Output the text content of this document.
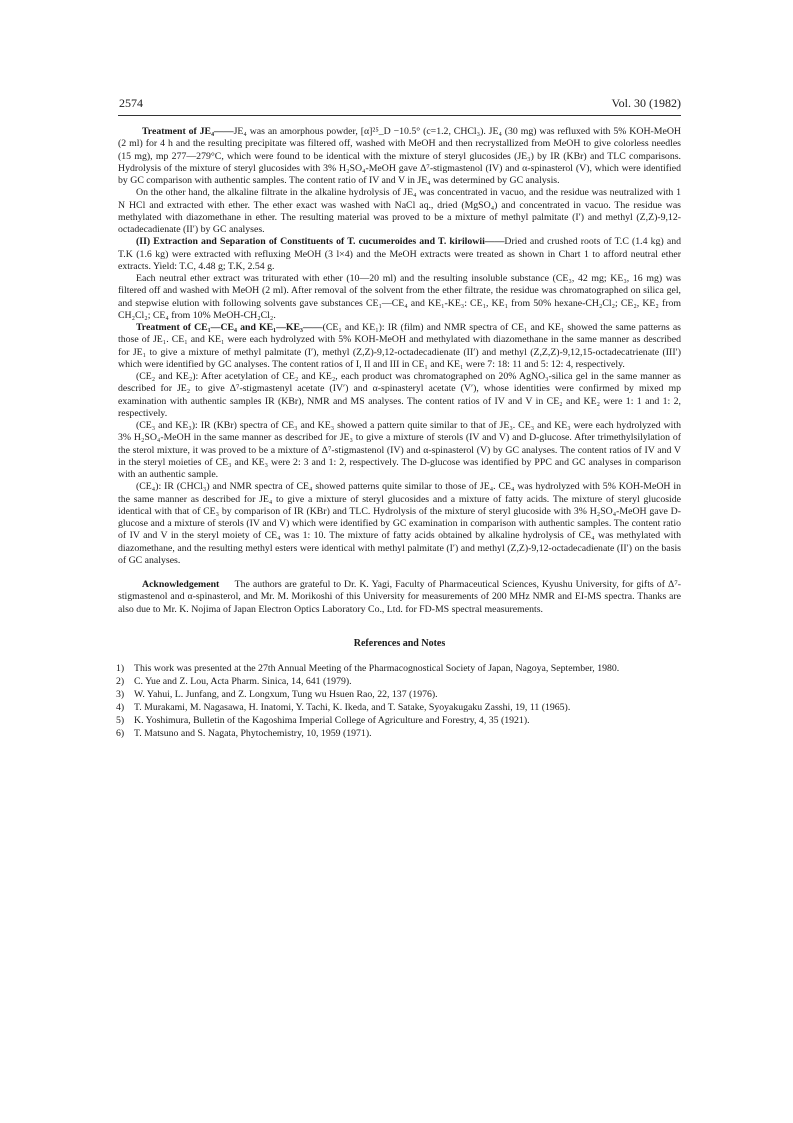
2574	Vol. 30 (1982)

Treatment of JE₄——JE₄ was an amorphous powder, [α]²⁵_D −10.5° (c=1.2, CHCl₃). JE₄ (30 mg) was refluxed with 5% KOH-MeOH (2 ml) for 4 h and the resulting precipitate was filtered off, washed with MeOH and then recrystallized from MeOH to give colorless needles (15 mg), mp 277—279°C, which were found to be identical with the mixture of steryl glucosides (JE₃) by IR (KBr) and TLC comparisons. Hydrolysis of the mixture of steryl glucosides with 3% H₂SO₄-MeOH gave Δ⁷-stigmastenol (IV) and α-spinasterol (V), which were identified by GC comparison with authentic samples. The content ratio of IV and V in JE₄ was determined by GC analysis.

On the other hand, the alkaline filtrate in the alkaline hydrolysis of JE₄ was concentrated in vacuo, and the residue was neutralized with 1 N HCl and extracted with ether. The ether exact was washed with NaCl aq., dried (MgSO₄) and concentrated in vacuo. The residue was methylated with diazomethane in ether. The resulting material was proved to be a mixture of methyl palmitate (I′) and methyl (Z,Z)-9,12-octadecadienate (II′) by GC analyses.

(II) Extraction and Separation of Constituents of T. cucumeroides and T. kirilowii——Dried and crushed roots of T.C (1.4 kg) and T.K (1.6 kg) were extracted with refluxing MeOH (3 l×4) and the MeOH extracts were treated as shown in Chart 1 to afford neutral ether extracts. Yield: T.C, 4.48 g; T.K, 2.54 g.

Each neutral ether extract was triturated with ether (10—20 ml) and the resulting insoluble substance (CE₃, 42 mg; KE₃, 16 mg) was filtered off and washed with MeOH (2 ml). After removal of the solvent from the ether filtrate, the residue was chromatographed on silica gel, and stepwise elution with following solvents gave substances CE₁—CE₄ and KE₁-KE₃: CE₁, KE₁ from 50% hexane-CH₂Cl₂; CE₂, KE₂ from CH₂Cl₂; CE₄ from 10% MeOH-CH₂Cl₂.

Treatment of CE₁—CE₄ and KE₁—KE₃——(CE₁ and KE₁): IR (film) and NMR spectra of CE₁ and KE₁ showed the same patterns as those of JE₁. CE₁ and KE₁ were each hydrolyzed with 5% KOH-MeOH and methylated with diazomethane in the same manner as described for JE₁ to give a mixture of methyl palmitate (I′), methyl (Z,Z)-9,12-octadecadienate (II′) and methyl (Z,Z,Z)-9,12,15-octadecatrienate (III′) which were identified by GC analyses. The content ratios of I, II and III in CE₁ and KE₁ were 7: 18: 11 and 5: 12: 4, respectively.

(CE₂ and KE₂): After acetylation of CE₂ and KE₂, each product was chromatographed on 20% AgNO₃-silica gel in the same manner as described for JE₂ to give Δ⁷-stigmastenyl acetate (IV′) and α-spinasteryl acetate (V′), whose identities were confirmed by mixed mp examination with authentic samples IR (KBr), NMR and MS analyses. The content ratios of IV and V in CE₂ and KE₂ were 1: 1 and 1: 2, respectively.

(CE₃ and KE₃): IR (KBr) spectra of CE₃ and KE₃ showed a pattern quite similar to that of JE₃. CE₃ and KE₃ were each hydrolyzed with 3% H₂SO₄-MeOH in the same manner as described for JE₃ to give a mixture of sterols (IV and V) and D-glucose. After trimethylsilylation of the sterol mixture, it was proved to be a mixture of Δ⁷-stigmastenol (IV) and α-spinasterol (V) by GC analyses. The content ratios of IV and V in the steryl moieties of CE₃ and KE₃ were 2: 3 and 1: 2, respectively. The D-glucose was identified by PPC and GC analyses in comparison with an authentic sample.

(CE₄): IR (CHCl₃) and NMR spectra of CE₄ showed patterns quite similar to those of JE₄. CE₄ was hydrolyzed with 5% KOH-MeOH in the same manner as described for JE₄ to give a mixture of steryl glucosides and a mixture of fatty acids. The mixture of steryl glucoside identical with that of CE₃ by comparison of IR (KBr) and TLC. Hydrolysis of the mixture of steryl glucoside with 3% H₂SO₄-MeOH gave D-glucose and a mixture of sterols (IV and V) which were identified by GC examination in comparison with authentic samples. The content ratio of IV and V in the steryl moiety of CE₄ was 1: 10. The mixture of fatty acids obtained by alkaline hydrolysis of CE₄ was methylated with diazomethane, and the resulting methyl esters were identical with methyl palmitate (I′) and methyl (Z,Z)-9,12-octadecadienate (II′) on the basis of GC analyses.

Acknowledgement The authors are grateful to Dr. K. Yagi, Faculty of Pharmaceutical Sciences, Kyushu University, for gifts of Δ⁷-stigmastenol and α-spinasterol, and Mr. M. Morikoshi of this University for measurements of 200 MHz NMR and EI-MS spectra. Thanks are also due to Mr. K. Nojima of Japan Electron Optics Laboratory Co., Ltd. for FD-MS spectral measurements.

References and Notes
1) This work was presented at the 27th Annual Meeting of the Pharmacognostical Society of Japan, Nagoya, September, 1980.
2) C. Yue and Z. Lou, Acta Pharm. Sinica, 14, 641 (1979).
3) W. Yahui, L. Junfang, and Z. Longxum, Tung wu Hsuen Rao, 22, 137 (1976).
4) T. Murakami, M. Nagasawa, H. Inatomi, Y. Tachi, K. Ikeda, and T. Satake, Syoyakugaku Zasshi, 19, 11 (1965).
5) K. Yoshimura, Bulletin of the Kagoshima Imperial College of Agriculture and Forestry, 4, 35 (1921).
6) T. Matsuno and S. Nagata, Phytochemistry, 10, 1959 (1971).
